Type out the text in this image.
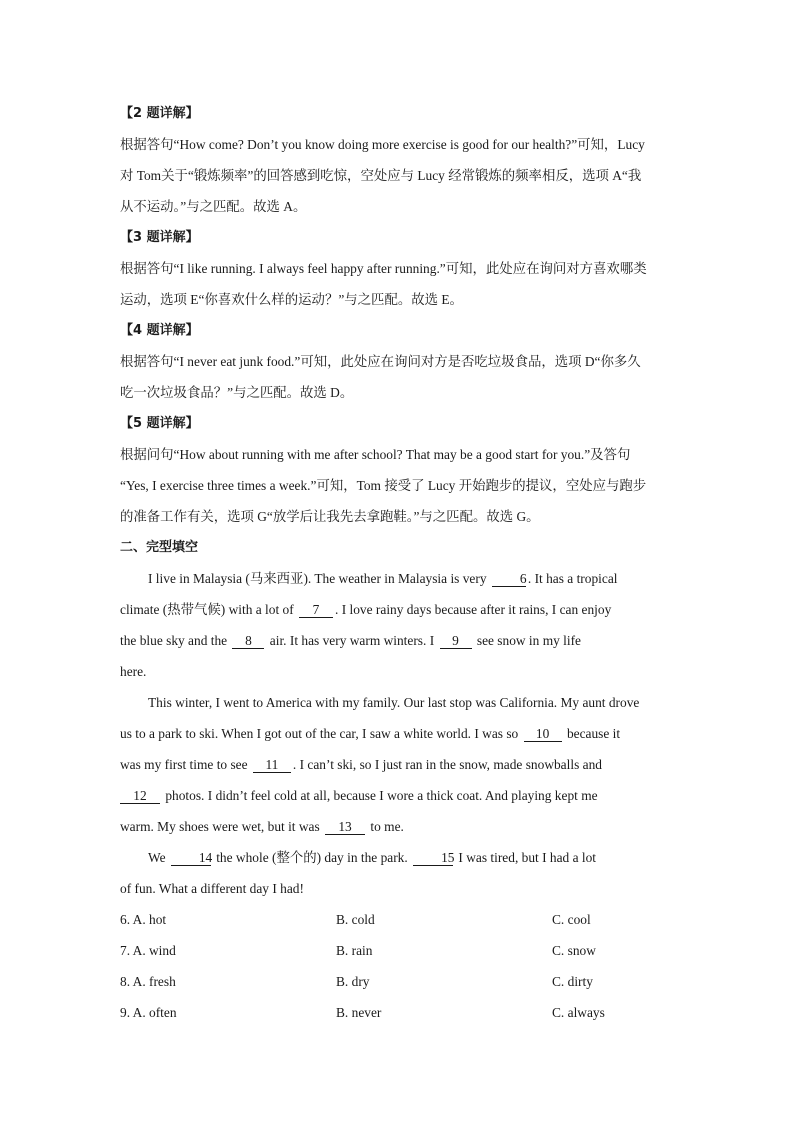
【2 题详解】
根据答句“How come? Don’t you know doing more exercise is good for our health?”可知，Lucy
对 Tom关于“锻炼频率”的回答感到吃惊，空处应与 Lucy 经常锻炼的频率相反，选项 A“我
从不运动。”与之匹配。故选 A。
【3 题详解】
根据答句“I like running. I always feel happy after running.”可知，此处应在询问对方喜欢哪类
运动，选项 E“你喜欢什么样的运动？”与之匹配。故选 E。
【4 题详解】
根据答句“I never eat junk food.”可知，此处应在询问对方是否吃垃圾食品，选项 D“你多久
吃一次垃圾食品？”与之匹配。故选 D。
【5 题详解】
根据问句“How about running with me after school? That may be a good start for you.”及答句
“Yes, I exercise three times a week.”可知，Tom 接受了 Lucy 开始跑步的提议，空处应与跑步
的准备工作有关，选项 G“放学后让我先去拿跑鞋。”与之匹配。故选 G。
二、完型填空
I live in Malaysia (马来西亚). The weather in Malaysia is very 6. It has a tropical
climate (热带气候) with a lot of 7 . I love rainy days because after it rains, I can enjoy
the blue sky and the 8 air. It has very warm winters. I 9 see snow in my life
here.
This winter, I went to America with my family. Our last stop was California. My aunt drove
us to a park to ski. When I got out of the car, I saw a white world. I was so 10 because it
was my first time to see 11 . I can’t ski, so I just ran in the snow, made snowballs and
12 photos. I didn’t feel cold at all, because I wore a thick coat. And playing kept me
warm. My shoes were wet, but it was 13 to me.
We 14 the whole (整个的) day in the park. 15 I was tired, but I had a lot
of fun. What a different day I had!
6. A. hot	B. cold	C. cool
7. A. wind	B. rain	C. snow
8. A. fresh	B. dry	C. dirty
9. A. often	B. never	C. always
